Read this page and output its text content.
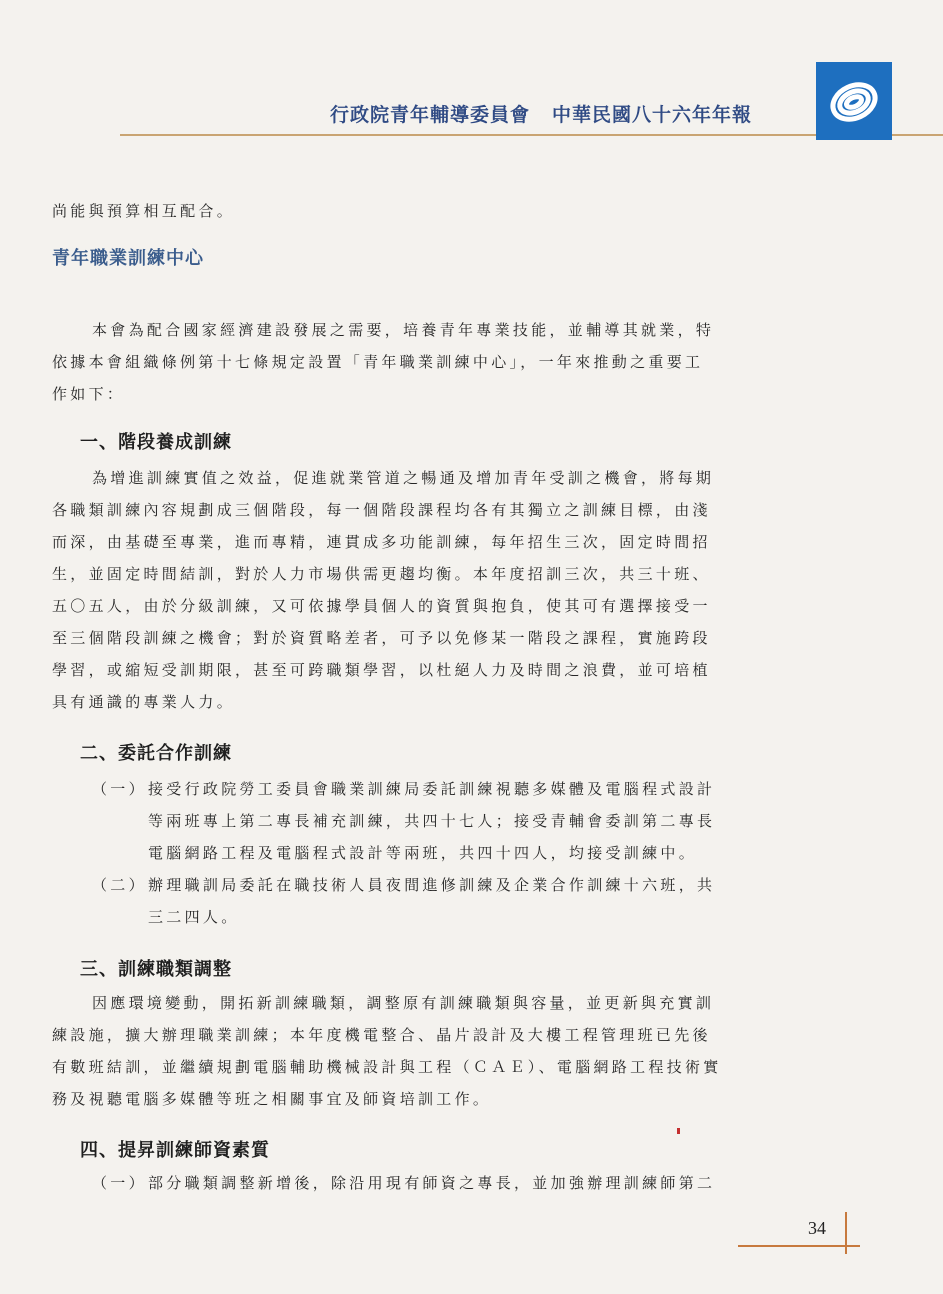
行政院青年輔導委員會 中華民國八十六年年報
尚能與預算相互配合。
青年職業訓練中心
本會為配合國家經濟建設發展之需要，培養青年專業技能，並輔導其就業，特
依據本會組織條例第十七條規定設置「青年職業訓練中心」，一年來推動之重要工
作如下：
一、階段養成訓練
為增進訓練實值之效益，促進就業管道之暢通及增加青年受訓之機會，將每期
各職類訓練內容規劃成三個階段，每一個階段課程均各有其獨立之訓練目標，由淺
而深，由基礎至專業，進而專精，連貫成多功能訓練，每年招生三次，固定時間招
生，並固定時間結訓，對於人力市場供需更趨均衡。本年度招訓三次，共三十班、
五〇五人，由於分級訓練，又可依據學員個人的資質與抱負，使其可有選擇接受一
至三個階段訓練之機會；對於資質略差者，可予以免修某一階段之課程，實施跨段
學習，或縮短受訓期限，甚至可跨職類學習，以杜絕人力及時間之浪費，並可培植
具有通識的專業人力。
二、委託合作訓練
（一） 接受行政院勞工委員會職業訓練局委託訓練視聽多媒體及電腦程式設計
等兩班專上第二專長補充訓練，共四十七人；接受青輔會委訓第二專長
電腦網路工程及電腦程式設計等兩班，共四十四人，均接受訓練中。
（二） 辦理職訓局委託在職技術人員夜間進修訓練及企業合作訓練十六班，共
三二四人。
三、訓練職類調整
因應環境變動，開拓新訓練職類，調整原有訓練職類與容量，並更新與充實訓
練設施，擴大辦理職業訓練；本年度機電整合、晶片設計及大樓工程管理班已先後
有數班結訓，並繼續規劃電腦輔助機械設計與工程（ＣＡＥ）、電腦網路工程技術實
務及視聽電腦多媒體等班之相關事宜及師資培訓工作。
四、提昇訓練師資素質
（一） 部分職類調整新增後，除沿用現有師資之專長，並加強辦理訓練師第二
34
